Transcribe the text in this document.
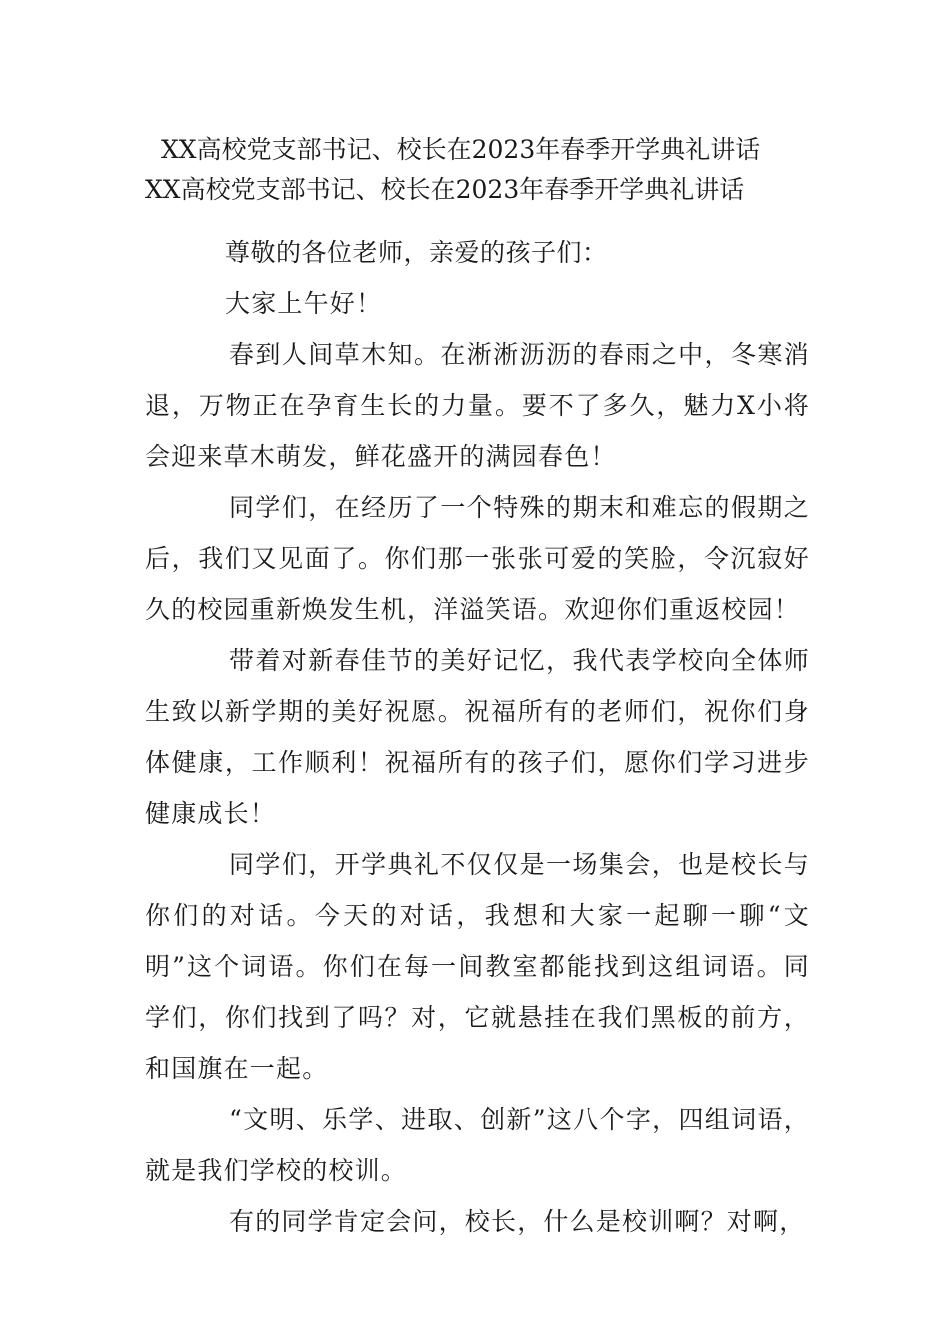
XX高校党支部书记、校长在2023年春季开学典礼讲话

XX高校党支部书记、校长在2023年春季开学典礼讲话

尊敬的各位老师，亲爱的孩子们：

大家上午好！

春到人间草木知。在淅淅沥沥的春雨之中，冬寒消退，万物正在孕育生长的力量。要不了多久，魅力X小将会迎来草木萌发，鲜花盛开的满园春色！

同学们，在经历了一个特殊的期末和难忘的假期之后，我们又见面了。你们那一张张可爱的笑脸，令沉寂好久的校园重新焕发生机，洋溢笑语。欢迎你们重返校园！

带着对新春佳节的美好记忆，我代表学校向全体师生致以新学期的美好祝愿。祝福所有的老师们，祝你们身体健康，工作顺利！祝福所有的孩子们，愿你们学习进步健康成长！

同学们，开学典礼不仅仅是一场集会，也是校长与你们的对话。今天的对话，我想和大家一起聊一聊“文明”这个词语。你们在每一间教室都能找到这组词语。同学们，你们找到了吗？对，它就悬挂在我们黑板的前方，和国旗在一起。

“文明、乐学、进取、创新”这八个字，四组词语，就是我们学校的校训。

有的同学肯定会问，校长，什么是校训啊？对啊，
